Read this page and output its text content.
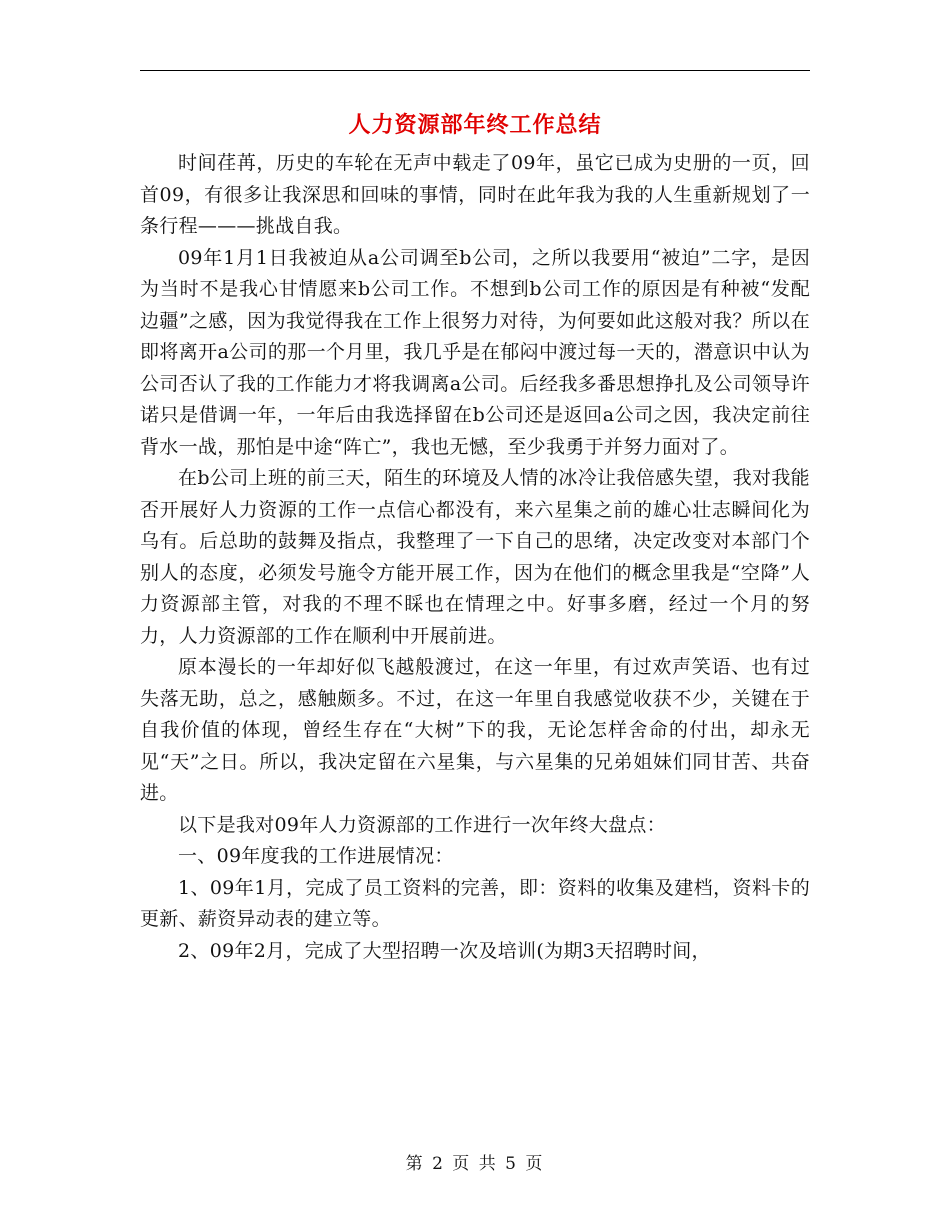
人力资源部年终工作总结

时间荏苒，历史的车轮在无声中载走了09年，虽它已成为史册的一页，回首09，有很多让我深思和回味的事情，同时在此年我为我的人生重新规划了一条行程———挑战自我。

09年1月1日我被迫从a公司调至b公司，之所以我要用“被迫”二字，是因为当时不是我心甘情愿来b公司工作。不想到b公司工作的原因是有种被“发配边疆”之感，因为我觉得我在工作上很努力对待，为何要如此这般对我？所以在即将离开a公司的那一个月里，我几乎是在郁闷中渡过每一天的，潜意识中认为公司否认了我的工作能力才将我调离a公司。后经我多番思想挣扎及公司领导许诺只是借调一年，一年后由我选择留在b公司还是返回a公司之因，我决定前往背水一战，那怕是中途“阵亡”，我也无憾，至少我勇于并努力面对了。

在b公司上班的前三天，陌生的环境及人情的冰冷让我倍感失望，我对我能否开展好人力资源的工作一点信心都没有，来六星集之前的雄心壮志瞬间化为乌有。后总助的鼓舞及指点，我整理了一下自己的思绪，决定改变对本部门个别人的态度，必须发号施令方能开展工作，因为在他们的概念里我是“空降”人力资源部主管，对我的不理不睬也在情理之中。好事多磨，经过一个月的努力，人力资源部的工作在顺利中开展前进。

原本漫长的一年却好似飞越般渡过，在这一年里，有过欢声笑语、也有过失落无助，总之，感触颇多。不过，在这一年里自我感觉收获不少，关键在于自我价值的体现，曾经生存在“大树”下的我，无论怎样舍命的付出，却永无见“天”之日。所以，我决定留在六星集，与六星集的兄弟姐妹们同甘苦、共奋进。

以下是我对09年人力资源部的工作进行一次年终大盘点：

一、09年度我的工作进展情况：

1、09年1月，完成了员工资料的完善，即：资料的收集及建档，资料卡的更新、薪资异动表的建立等。

2、09年2月，完成了大型招聘一次及培训(为期3天招聘时间，

第 2 页 共 5 页
